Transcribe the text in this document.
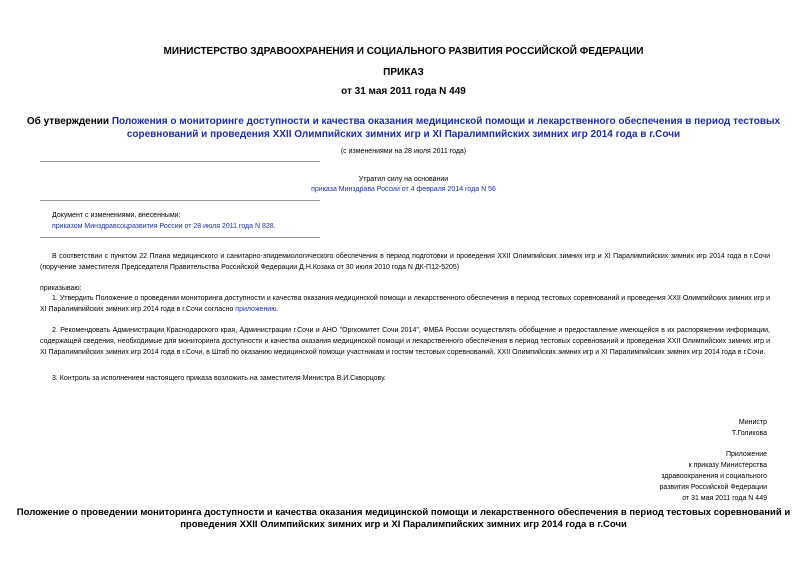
МИНИСТЕРСТВО ЗДРАВООХРАНЕНИЯ И СОЦИАЛЬНОГО РАЗВИТИЯ РОССИЙСКОЙ ФЕДЕРАЦИИ
ПРИКАЗ
от 31 мая 2011 года N 449
Об утверждении Положения о мониторинге доступности и качества оказания медицинской помощи и лекарственного обеспечения в период тестовых
соревнований и проведения XXII Олимпийских зимних игр и XI Паралимпийских зимних игр 2014 года в г.Сочи
(с изменениями на 28 июля 2011 года)
Утратил силу на основании
приказа Минздрава России от 4 февраля 2014 года N 56
Документ с изменениями, внесенными:
приказом Минздравсоцразвития России от 28 июля 2011 года N 828.
В соответствии с пунктом 22 Плана медицинского и санитарно-эпидемиологического обеспечения в период подготовки и проведения XXII Олимпийских зимних игр и XI Паралимпийских зимних игр 2014 года в г.Сочи (поручение заместителя Председателя Правительства Российской Федерации Д.Н.Козака от 30 июля 2010 года N ДК-П12-5205)
приказываю:
1. Утвердить Положение о проведении мониторинга доступности и качества оказания медицинской помощи и лекарственного обеспечения в период тестовых соревнований и проведения XXII Олимпийских зимних игр и XI Паралимпийских зимних игр 2014 года в г.Сочи согласно приложению.
2. Рекомендовать Администрации Краснодарского края, Администрации г.Сочи и АНО "Оргкомитет Сочи 2014", ФМБА России осуществлять обобщение и предоставление имеющейся в их распоряжении информации, содержащей сведения, необходимые для мониторинга доступности и качества оказания медицинской помощи и лекарственного обеспечения в период тестовых соревнований и проведения XXII Олимпийских зимних игр и XI Паралимпийских зимних игр 2014 года в г.Сочи, в Штаб по оказанию медицинской помощи участникам и гостям тестовых соревнований, XXII Олимпийских зимних игр и XI Паралимпийских зимних игр 2014 года в г.Сочи.
3. Контроль за исполнением настоящего приказа возложить на заместителя Министра В.И.Скворцову.
Министр
Т.Голикова
Приложение
к приказу Министерства
здравоохранения и социального
развития Российской Федерации
от 31 мая 2011 года N 449
Положение о проведении мониторинга доступности и качества оказания медицинской помощи и лекарственного обеспечения в период тестовых соревнований и
проведения XXII Олимпийских зимних игр и XI Паралимпийских зимних игр 2014 года в г.Сочи
